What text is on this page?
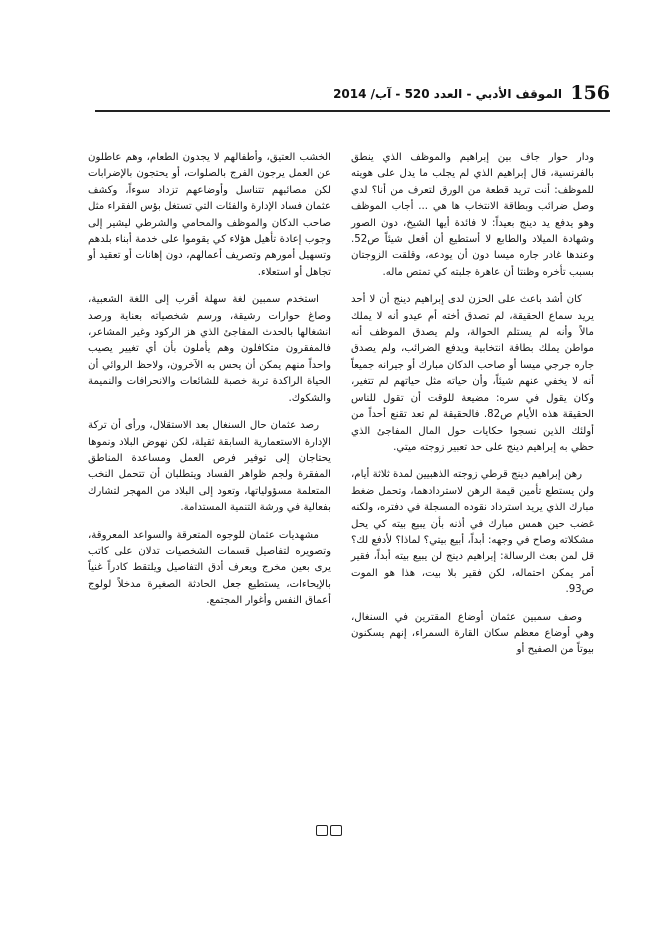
156
الموقف الأدبي - العدد 520 - آب/ 2014

ودار حوار جاف بين إبراهيم والموظف الذي ينطق بالفرنسية، قال إبراهيم الذي لم يجلب ما يدل على هويته للموظف: أنت تريد قطعة من الورق لتعرف من أنا؟ لدي وصل ضرائب وبطاقة الانتخاب ها هي ... أجاب الموظف وهو يدفع يد دينج بعيداً: لا فائدة أيها الشيخ، دون الصور وشهادة الميلاد والطابع لا أستطيع أن أفعل شيئاً ص52. وعندها غادر جاره ميسا دون أن يودعه، وقلقت الزوجتان بسبب تأخره وظنتا أن عاهرة جلبته كي تمتص ماله.

كان أشد باعث على الحزن لدى إبراهيم دينج أن لا أحد يريد سماع الحقيقة، لم تصدق أخته أم عيدو أنه لا يملك مالاً وأنه لم يستلم الحوالة، ولم يصدق الموظف أنه مواطن يملك بطاقة انتخابية ويدفع الضرائب، ولم يصدق جاره جرجي ميسا أو صاحب الدكان مبارك أو جيرانه جميعاً أنه لا يخفي عنهم شيئاً، وأن حياته مثل حياتهم لم تتغير، وكان يقول في سره: مضيعة للوقت أن تقول للناس الحقيقة هذه الأيام ص82. فالحقيقة لم تعد تقنع أحداً من أولئك الذين نسجوا حكايات حول المال المفاجئ الذي حظي به إبراهيم دينج على حد تعبير زوجته ميتي.

رهن إبراهيم دينج قرطي زوجته الذهبيين لمدة ثلاثة أيام، ولن يستطع تأمين قيمة الرهن لاستردادهما، وتحمل ضغط مبارك الذي يريد استرداد نقوده المسجلة في دفتره، ولكنه غضب حين همس مبارك في أذنه بأن يبيع بيته كي يحل مشكلاته وصاح في وجهه: أبداً، أبيع بيتي؟ لماذا؟ لأدفع لك؟ قل لمن بعث الرسالة: إبراهيم دينج لن يبيع بيته أبداً، فقير أمر يمكن احتماله، لكن فقير بلا بيت، هذا هو الموت ص93.

وصف سمبين عثمان أوضاع المقترين في السنغال، وهي أوضاع معظم سكان القارة السمراء، إنهم يسكنون بيوتاً من الصفيح أو

الخشب العتيق، وأطفالهم لا يجدون الطعام، وهم عاطلون عن العمل يرجون الفرج بالصلوات، أو يحتجون بالإضرابات لكن مصائبهم تتناسل وأوضاعهم تزداد سوءاً، وكشف عثمان فساد الإدارة والفئات التي تستغل بؤس الفقراء مثل صاحب الدكان والموظف والمحامي والشرطي ليشير إلى وجوب إعادة تأهيل هؤلاء كي يقوموا على خدمة أبناء بلدهم وتسهيل أمورهم وتصريف أعمالهم، دون إهانات أو تعقيد أو تجاهل أو استعلاء.

استخدم سمبين لغة سهلة أقرب إلى اللغة الشعبية، وصاغ حوارات رشيقة، ورسم شخصياته بعناية ورصد انشغالها بالحدث المفاجئ الذي هز الركود وغير المشاعر، فالمفقرون متكافلون وهم يأملون بأن أي تغيير يصيب واحداً منهم يمكن أن يحس به الآخرون، ولاحظ الروائي أن الحياة الراكدة تربة خصبة للشائعات والانحرافات والنميمة والشكوك.

رصد عثمان حال السنغال بعد الاستقلال، ورأى أن تركة الإدارة الاستعمارية السابقة ثقيلة، لكن نهوض البلاد ونموها يحتاجان إلى توفير فرص العمل ومساعدة المناطق المفقرة ولجم ظواهر الفساد ويتطلبان أن تتحمل النخب المتعلمة مسؤولياتها، وتعود إلى البلاد من المهجر لتشارك بفعالية في ورشة التنمية المستدامة.

مشهديات عثمان للوجوه المتعرقة والسواعد المعروقة، وتصويره لتفاصيل قسمات الشخصيات تدلان على كاتب يرى بعين مخرج ويعرف أدق التفاصيل ويلتقط كادراً غنياً بالإيحاءات، يستطيع جعل الحادثة الصغيرة مدخلاً لولوج أعماق النفس وأغوار المجتمع.
